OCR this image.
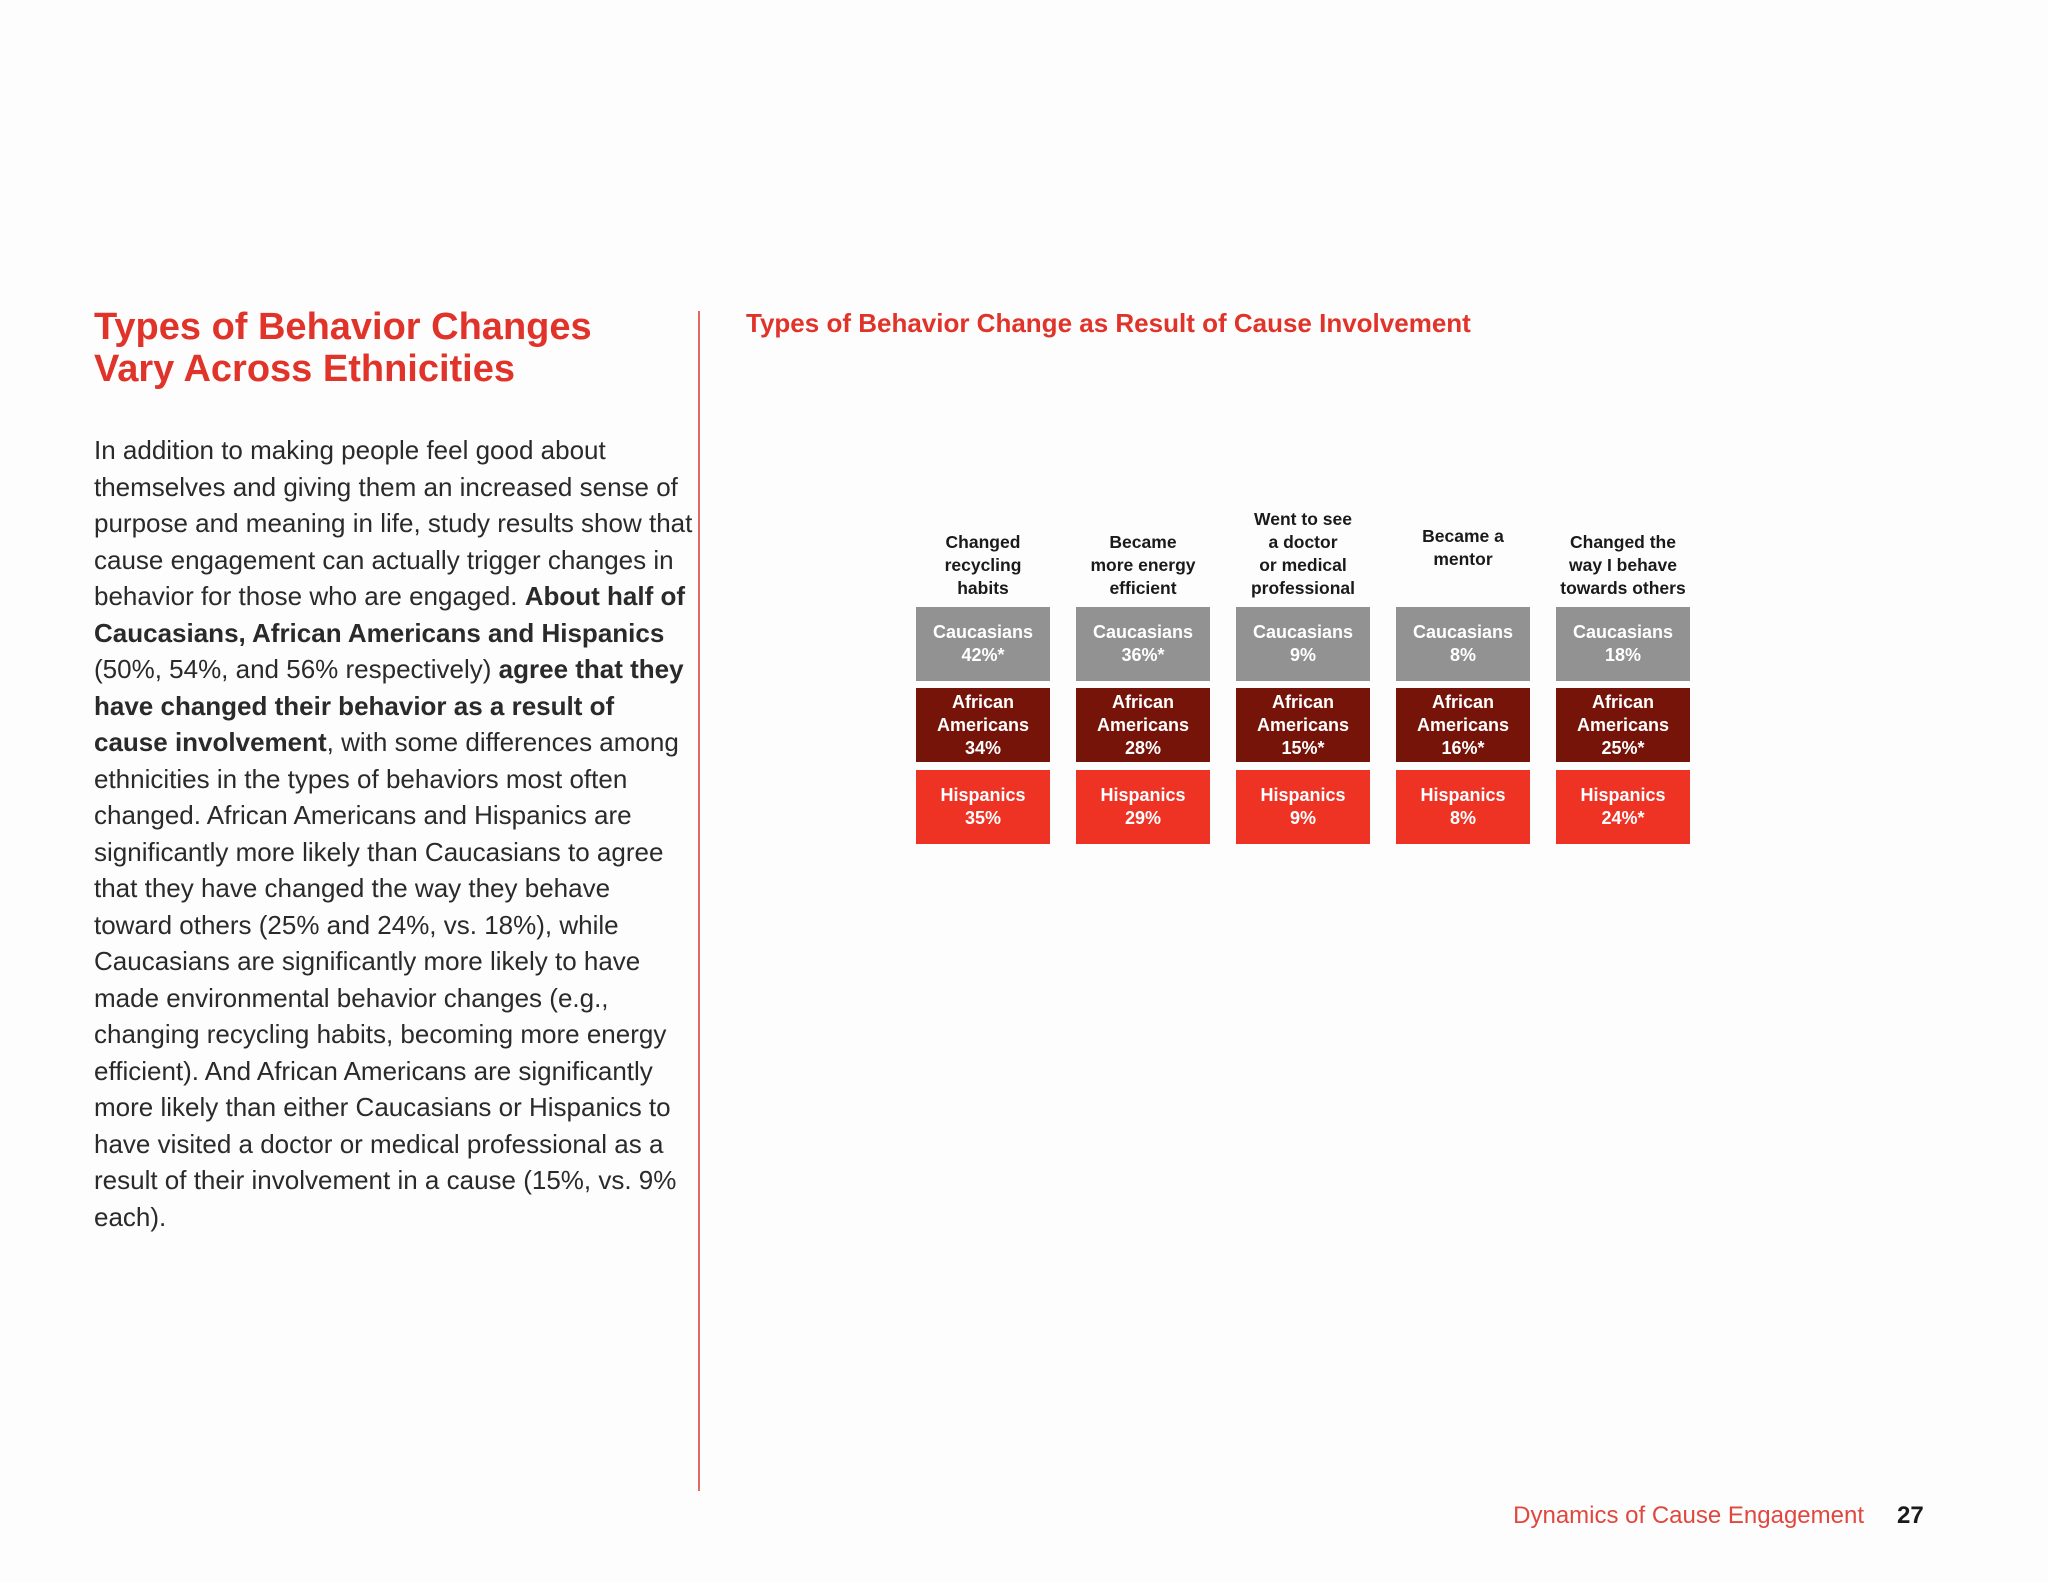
Types of Behavior Changes
Vary Across Ethnicities

In addition to making people feel good about themselves and giving them an increased sense of purpose and meaning in life, study results show that cause engagement can actually trigger changes in behavior for those who are engaged. About half of Caucasians, African Americans and Hispanics (50%, 54%, and 56% respectively) agree that they have changed their behavior as a result of cause involvement, with some differences among ethnicities in the types of behaviors most often changed. African Americans and Hispanics are significantly more likely than Caucasians to agree that they have changed the way they behave toward others (25% and 24%, vs. 18%), while Caucasians are significantly more likely to have made environmental behavior changes (e.g., changing recycling habits, becoming more energy efficient). And African Americans are significantly more likely than either Caucasians or Hispanics to have visited a doctor or medical professional as a result of their involvement in a cause (15%, vs. 9% each).

Types of Behavior Change as Result of Cause Involvement
Changed
recycling
habits
Caucasians
42%*
African
Americans
34%
Hispanics
35%
Became
more energy
efficient
Caucasians
36%*
African
Americans
28%
Hispanics
29%
Went to see
a doctor
or medical
professional
Caucasians
9%
African
Americans
15%*
Hispanics
9%
Became a
mentor
Caucasians
8%
African
Americans
16%*
Hispanics
8%
Changed the
way I behave
towards others
Caucasians
18%
African
Americans
25%*
Hispanics
24%*
Dynamics of Cause Engagement 27
